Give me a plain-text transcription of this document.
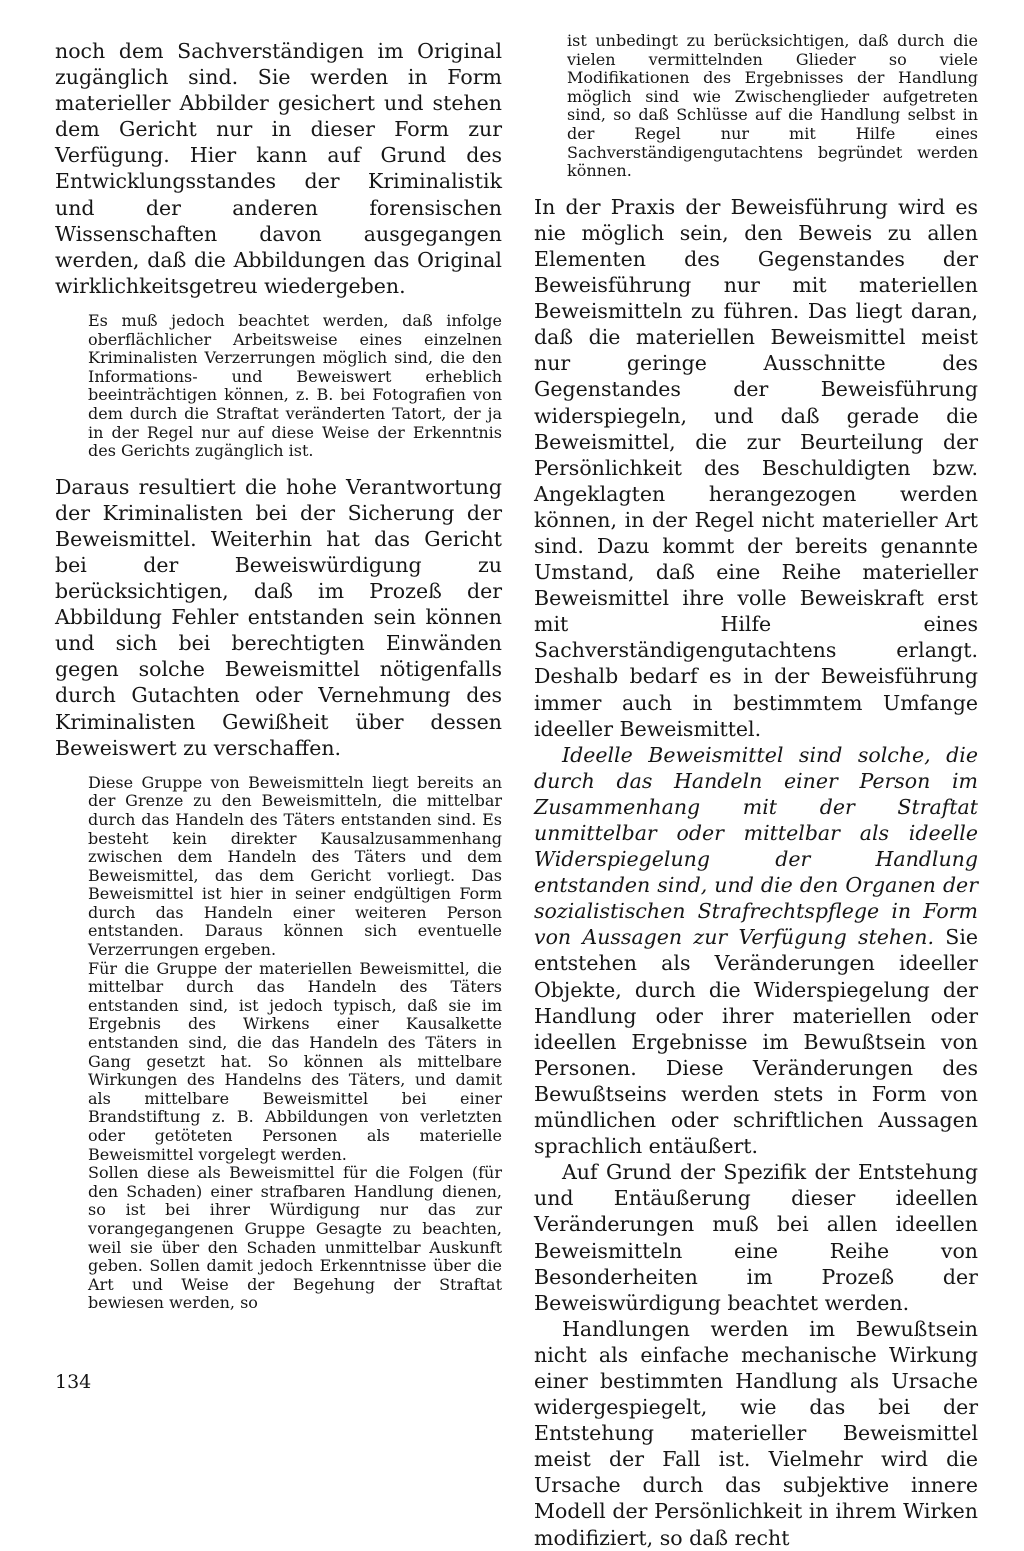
noch dem Sachverständigen im Original zugänglich sind. Sie werden in Form materieller Abbilder gesichert und stehen dem Gericht nur in dieser Form zur Verfügung. Hier kann auf Grund des Entwicklungsstandes der Kriminalistik und der anderen forensischen Wissenschaften davon ausgegangen werden, daß die Abbildungen das Original wirklichkeitsgetreu wiedergeben.

Es muß jedoch beachtet werden, daß infolge oberflächlicher Arbeitsweise eines einzelnen Kriminalisten Verzerrungen möglich sind, die den Informations- und Beweiswert erheblich beeinträchtigen können, z. B. bei Fotografien von dem durch die Straftat veränderten Tatort, der ja in der Regel nur auf diese Weise der Erkenntnis des Gerichts zugänglich ist.

Daraus resultiert die hohe Verantwortung der Kriminalisten bei der Sicherung der Beweismittel. Weiterhin hat das Gericht bei der Beweiswürdigung zu berücksichtigen, daß im Prozeß der Abbildung Fehler entstanden sein können und sich bei berechtigten Einwänden gegen solche Beweismittel nötigenfalls durch Gutachten oder Vernehmung des Kriminalisten Gewißheit über dessen Beweiswert zu verschaffen.

Diese Gruppe von Beweismitteln liegt bereits an der Grenze zu den Beweismitteln, die mittelbar durch das Handeln des Täters entstanden sind. Es besteht kein direkter Kausalzusammenhang zwischen dem Handeln des Täters und dem Beweismittel, das dem Gericht vorliegt. Das Beweismittel ist hier in seiner endgültigen Form durch das Handeln einer weiteren Person entstanden. Daraus können sich eventuelle Verzerrungen ergeben.

Für die Gruppe der materiellen Beweismittel, die mittelbar durch das Handeln des Täters entstanden sind, ist jedoch typisch, daß sie im Ergebnis des Wirkens einer Kausalkette entstanden sind, die das Handeln des Täters in Gang gesetzt hat. So können als mittelbare Wirkungen des Handelns des Täters, und damit als mittelbare Beweismittel bei einer Brandstiftung z. B. Abbildungen von verletzten oder getöteten Personen als materielle Beweismittel vorgelegt werden.

Sollen diese als Beweismittel für die Folgen (für den Schaden) einer strafbaren Handlung dienen, so ist bei ihrer Würdigung nur das zur vorangegangenen Gruppe Gesagte zu beachten, weil sie über den Schaden unmittelbar Auskunft geben. Sollen damit jedoch Erkenntnisse über die Art und Weise der Begehung der Straftat bewiesen werden, so

ist unbedingt zu berücksichtigen, daß durch die vielen vermittelnden Glieder so viele Modifikationen des Ergebnisses der Handlung möglich sind wie Zwischenglieder aufgetreten sind, so daß Schlüsse auf die Handlung selbst in der Regel nur mit Hilfe eines Sachverständigengutachtens begründet werden können.

In der Praxis der Beweisführung wird es nie möglich sein, den Beweis zu allen Elementen des Gegenstandes der Beweisführung nur mit materiellen Beweismitteln zu führen. Das liegt daran, daß die materiellen Beweismittel meist nur geringe Ausschnitte des Gegenstandes der Beweisführung widerspiegeln, und daß gerade die Beweismittel, die zur Beurteilung der Persönlichkeit des Beschuldigten bzw. Angeklagten herangezogen werden können, in der Regel nicht materieller Art sind. Dazu kommt der bereits genannte Umstand, daß eine Reihe materieller Beweismittel ihre volle Beweiskraft erst mit Hilfe eines Sachverständigengutachtens erlangt. Deshalb bedarf es in der Beweisführung immer auch in bestimmtem Umfange ideeller Beweismittel.

Ideelle Beweismittel sind solche, die durch das Handeln einer Person im Zusammenhang mit der Straftat unmittelbar oder mittelbar als ideelle Widerspiegelung der Handlung entstanden sind, und die den Organen der sozialistischen Strafrechtspflege in Form von Aussagen zur Verfügung stehen. Sie entstehen als Veränderungen ideeller Objekte, durch die Widerspiegelung der Handlung oder ihrer materiellen oder ideellen Ergebnisse im Bewußtsein von Personen. Diese Veränderungen des Bewußtseins werden stets in Form von mündlichen oder schriftlichen Aussagen sprachlich entäußert.

Auf Grund der Spezifik der Entstehung und Entäußerung dieser ideellen Veränderungen muß bei allen ideellen Beweismitteln eine Reihe von Besonderheiten im Prozeß der Beweiswürdigung beachtet werden.

Handlungen werden im Bewußtsein nicht als einfache mechanische Wirkung einer bestimmten Handlung als Ursache widergespiegelt, wie das bei der Entstehung materieller Beweismittel meist der Fall ist. Vielmehr wird die Ursache durch das subjektive innere Modell der Persönlichkeit in ihrem Wirken modifiziert, so daß recht

134
